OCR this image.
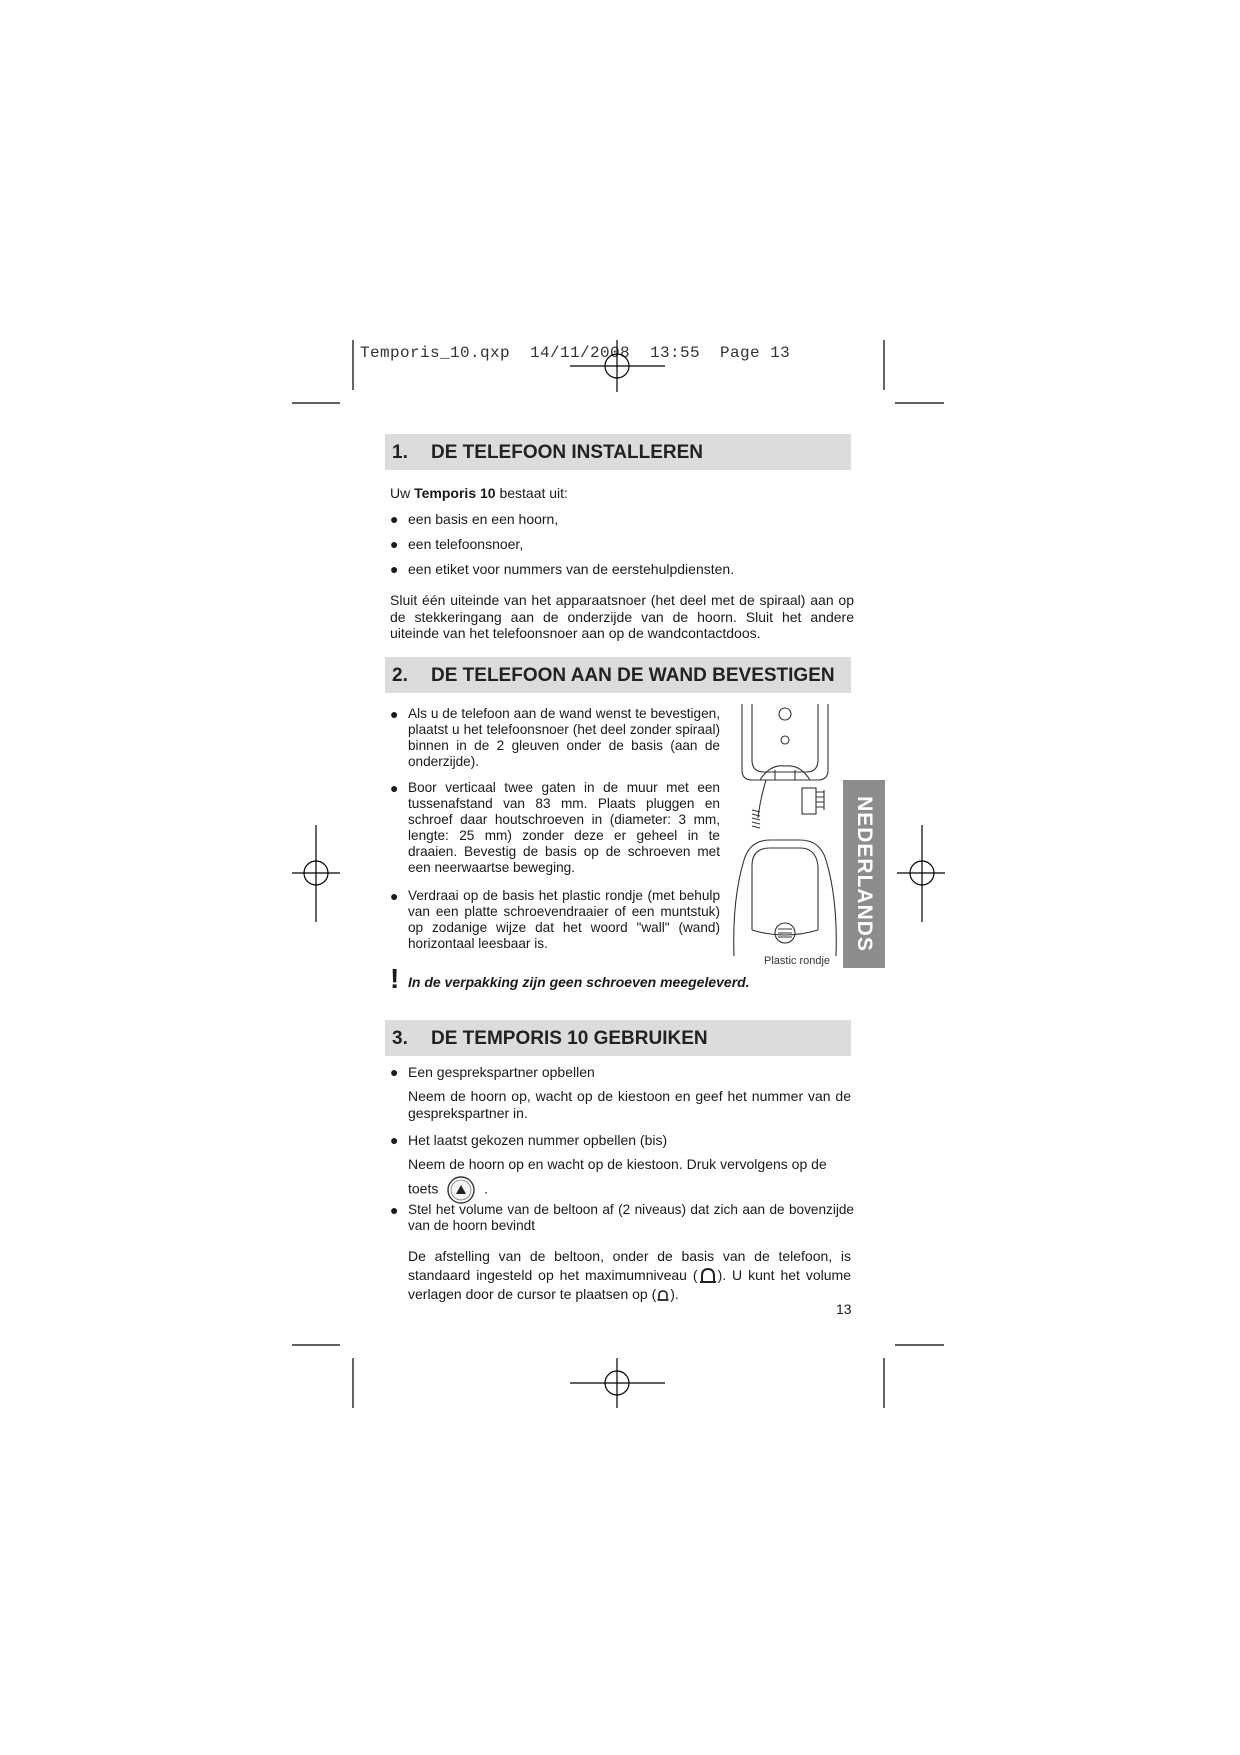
Temporis_10.qxp  14/11/2008  13:55  Page 13
1. DE TELEFOON INSTALLEREN
Uw Temporis 10 bestaat uit:
● een basis en een hoorn,
● een telefoonsnoer,
● een etiket voor nummers van de eerstehulpdiensten.
Sluit één uiteinde van het apparaatsnoer (het deel met de spiraal) aan op de stekkeringang aan de onderzijde van de hoorn. Sluit het andere uiteinde van het telefoonsnoer aan op de wandcontactdoos.
2. DE TELEFOON AAN DE WAND BEVESTIGEN
● Als u de telefoon aan de wand wenst te bevestigen, plaatst u het telefoonsnoer (het deel zonder spiraal) binnen in de 2 gleuven onder de basis (aan de onderzijde).
● Boor verticaal twee gaten in de muur met een tussenafstand van 83 mm. Plaats pluggen en schroef daar houtschroeven in (diameter: 3 mm, lengte: 25 mm) zonder deze er geheel in te draaien. Bevestig de basis op de schroeven met een neerwaartse beweging.
● Verdraai op de basis het plastic rondje (met behulp van een platte schroevendraaier of een muntstuk) op zodanige wijze dat het woord "wall" (wand) horizontaal leesbaar is.
Plastic rondje
NEDERLANDS
! In de verpakking zijn geen schroeven meegeleverd.
3. DE TEMPORIS 10 GEBRUIKEN
● Een gesprekspartner opbellen
Neem de hoorn op, wacht op de kiestoon en geef het nummer van de gesprekspartner in.
● Het laatst gekozen nummer opbellen (bis)
Neem de hoorn op en wacht op de kiestoon. Druk vervolgens op de
toets	.
● Stel het volume van de beltoon af (2 niveaus) dat zich aan de bovenzijde van de hoorn bevindt
De afstelling van de beltoon, onder de basis van de telefoon, is standaard ingesteld op het maximumniveau ( ). U kunt het volume verlagen door de cursor te plaatsen op ( ).
13
